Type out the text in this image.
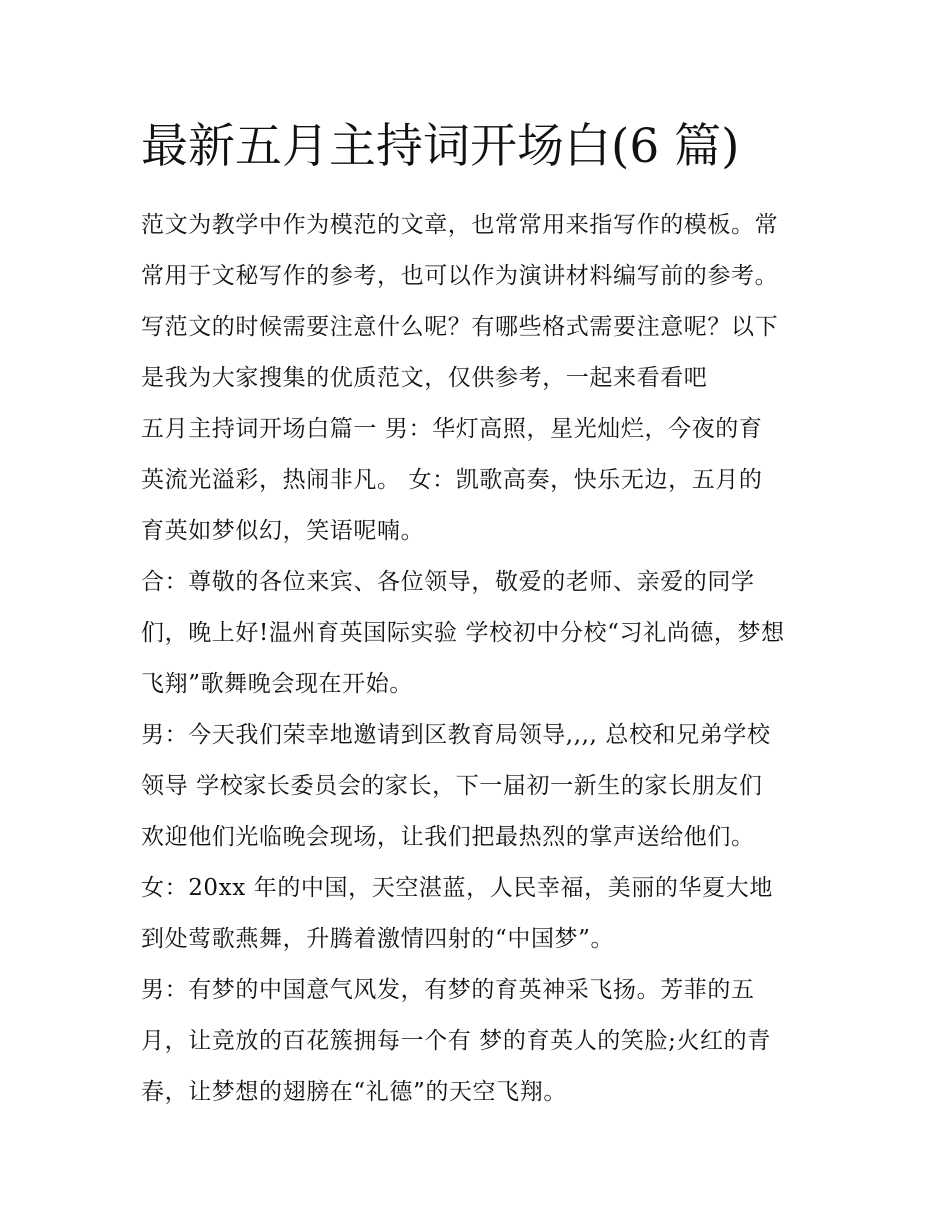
最新五月主持词开场白(6 篇)

范文为教学中作为模范的文章，也常常用来指写作的模板。常
常用于文秘写作的参考，也可以作为演讲材料编写前的参考。
写范文的时候需要注意什么呢？有哪些格式需要注意呢？以下
是我为大家搜集的优质范文，仅供参考，一起来看看吧

五月主持词开场白篇一 男：华灯高照，星光灿烂，今夜的育
英流光溢彩，热闹非凡。 女：凯歌高奏，快乐无边，五月的
育英如梦似幻，笑语呢喃。

合：尊敬的各位来宾、各位领导，敬爱的老师、亲爱的同学
们，晚上好!温州育英国际实验 学校初中分校“习礼尚德，梦想
飞翔”歌舞晚会现在开始。

男：今天我们荣幸地邀请到区教育局领导,,,, 总校和兄弟学校
领导 学校家长委员会的家长，下一届初一新生的家长朋友们
欢迎他们光临晚会现场，让我们把最热烈的掌声送给他们。

女：20xx 年的中国，天空湛蓝，人民幸福，美丽的华夏大地
到处莺歌燕舞，升腾着激情四射的“中国梦”。

男：有梦的中国意气风发，有梦的育英神采飞扬。芳菲的五
月，让竞放的百花簇拥每一个有 梦的育英人的笑脸;火红的青
春，让梦想的翅膀在“礼德”的天空飞翔。
